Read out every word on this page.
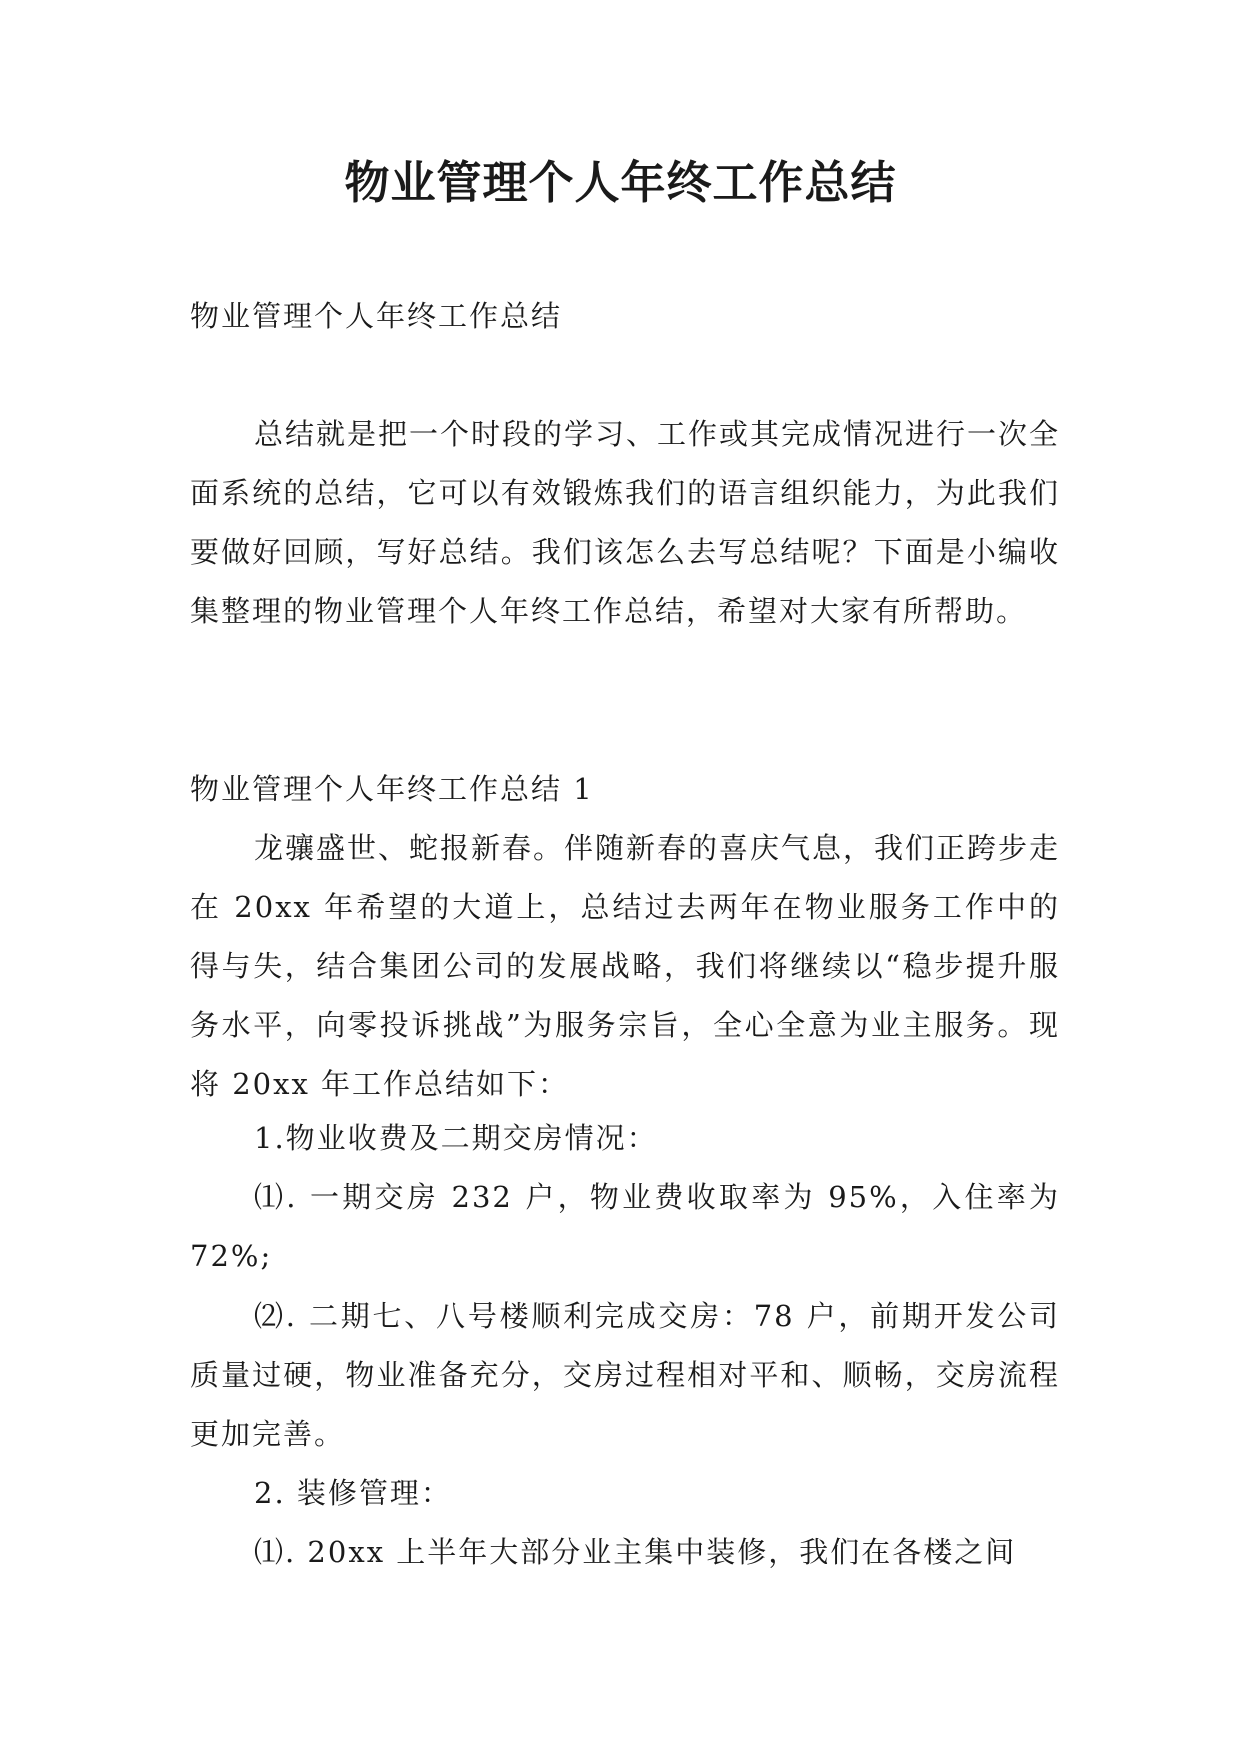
物业管理个人年终工作总结

物业管理个人年终工作总结

总结就是把一个时段的学习、工作或其完成情况进行一次全面系统的总结，它可以有效锻炼我们的语言组织能力，为此我们要做好回顾，写好总结。我们该怎么去写总结呢？下面是小编收集整理的物业管理个人年终工作总结，希望对大家有所帮助。

物业管理个人年终工作总结 1

龙骧盛世、蛇报新春。伴随新春的喜庆气息，我们正跨步走在 20xx 年希望的大道上，总结过去两年在物业服务工作中的得与失，结合集团公司的发展战略，我们将继续以“稳步提升服务水平，向零投诉挑战”为服务宗旨，全心全意为业主服务。现将 20xx 年工作总结如下：

1.物业收费及二期交房情况：

⑴. 一期交房 232 户，物业费收取率为 95%，入住率为 72%;

⑵. 二期七、八号楼顺利完成交房：78 户，前期开发公司质量过硬，物业准备充分，交房过程相对平和、顺畅，交房流程更加完善。

2. 装修管理：

⑴. 20xx 上半年大部分业主集中装修，我们在各楼之间
